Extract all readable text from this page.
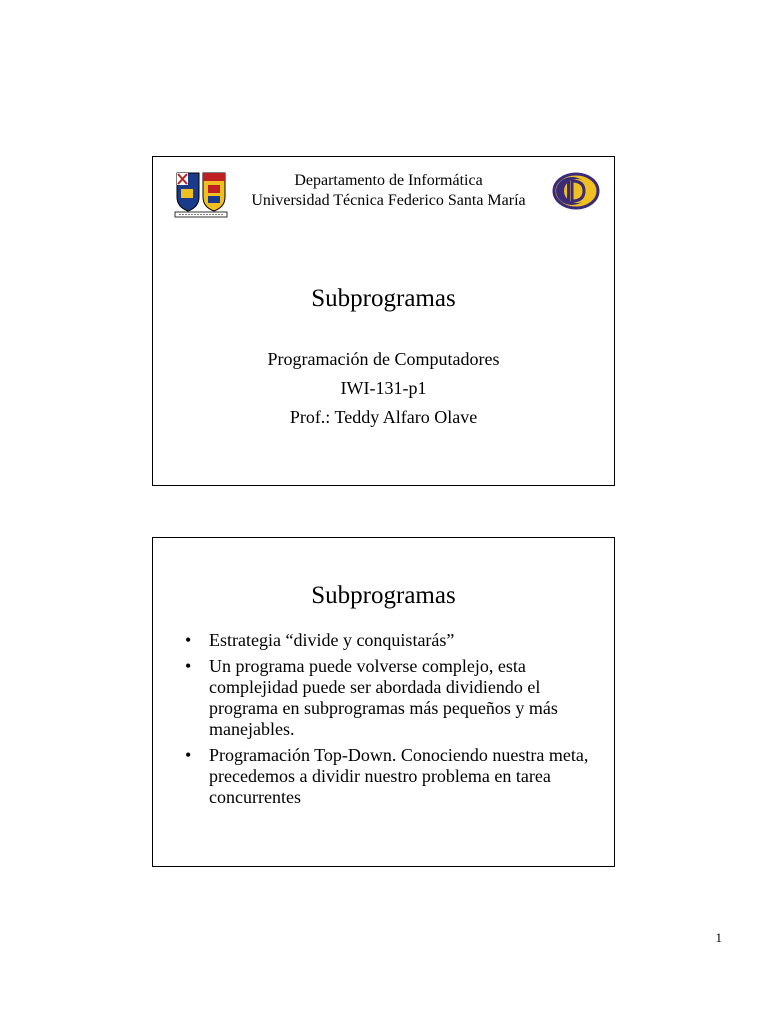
Departamento de Informática
Universidad Técnica Federico Santa María
Subprogramas
Programación de Computadores
IWI-131-p1
Prof.: Teddy Alfaro Olave
Subprogramas
• Estrategia “divide y conquistarás”
• Un programa puede volverse complejo, esta complejidad puede ser abordada dividiendo el programa en subprogramas más pequeños y más manejables.
• Programación Top-Down. Conociendo nuestra meta, precedemos a dividir nuestro problema en tarea concurrentes
1
